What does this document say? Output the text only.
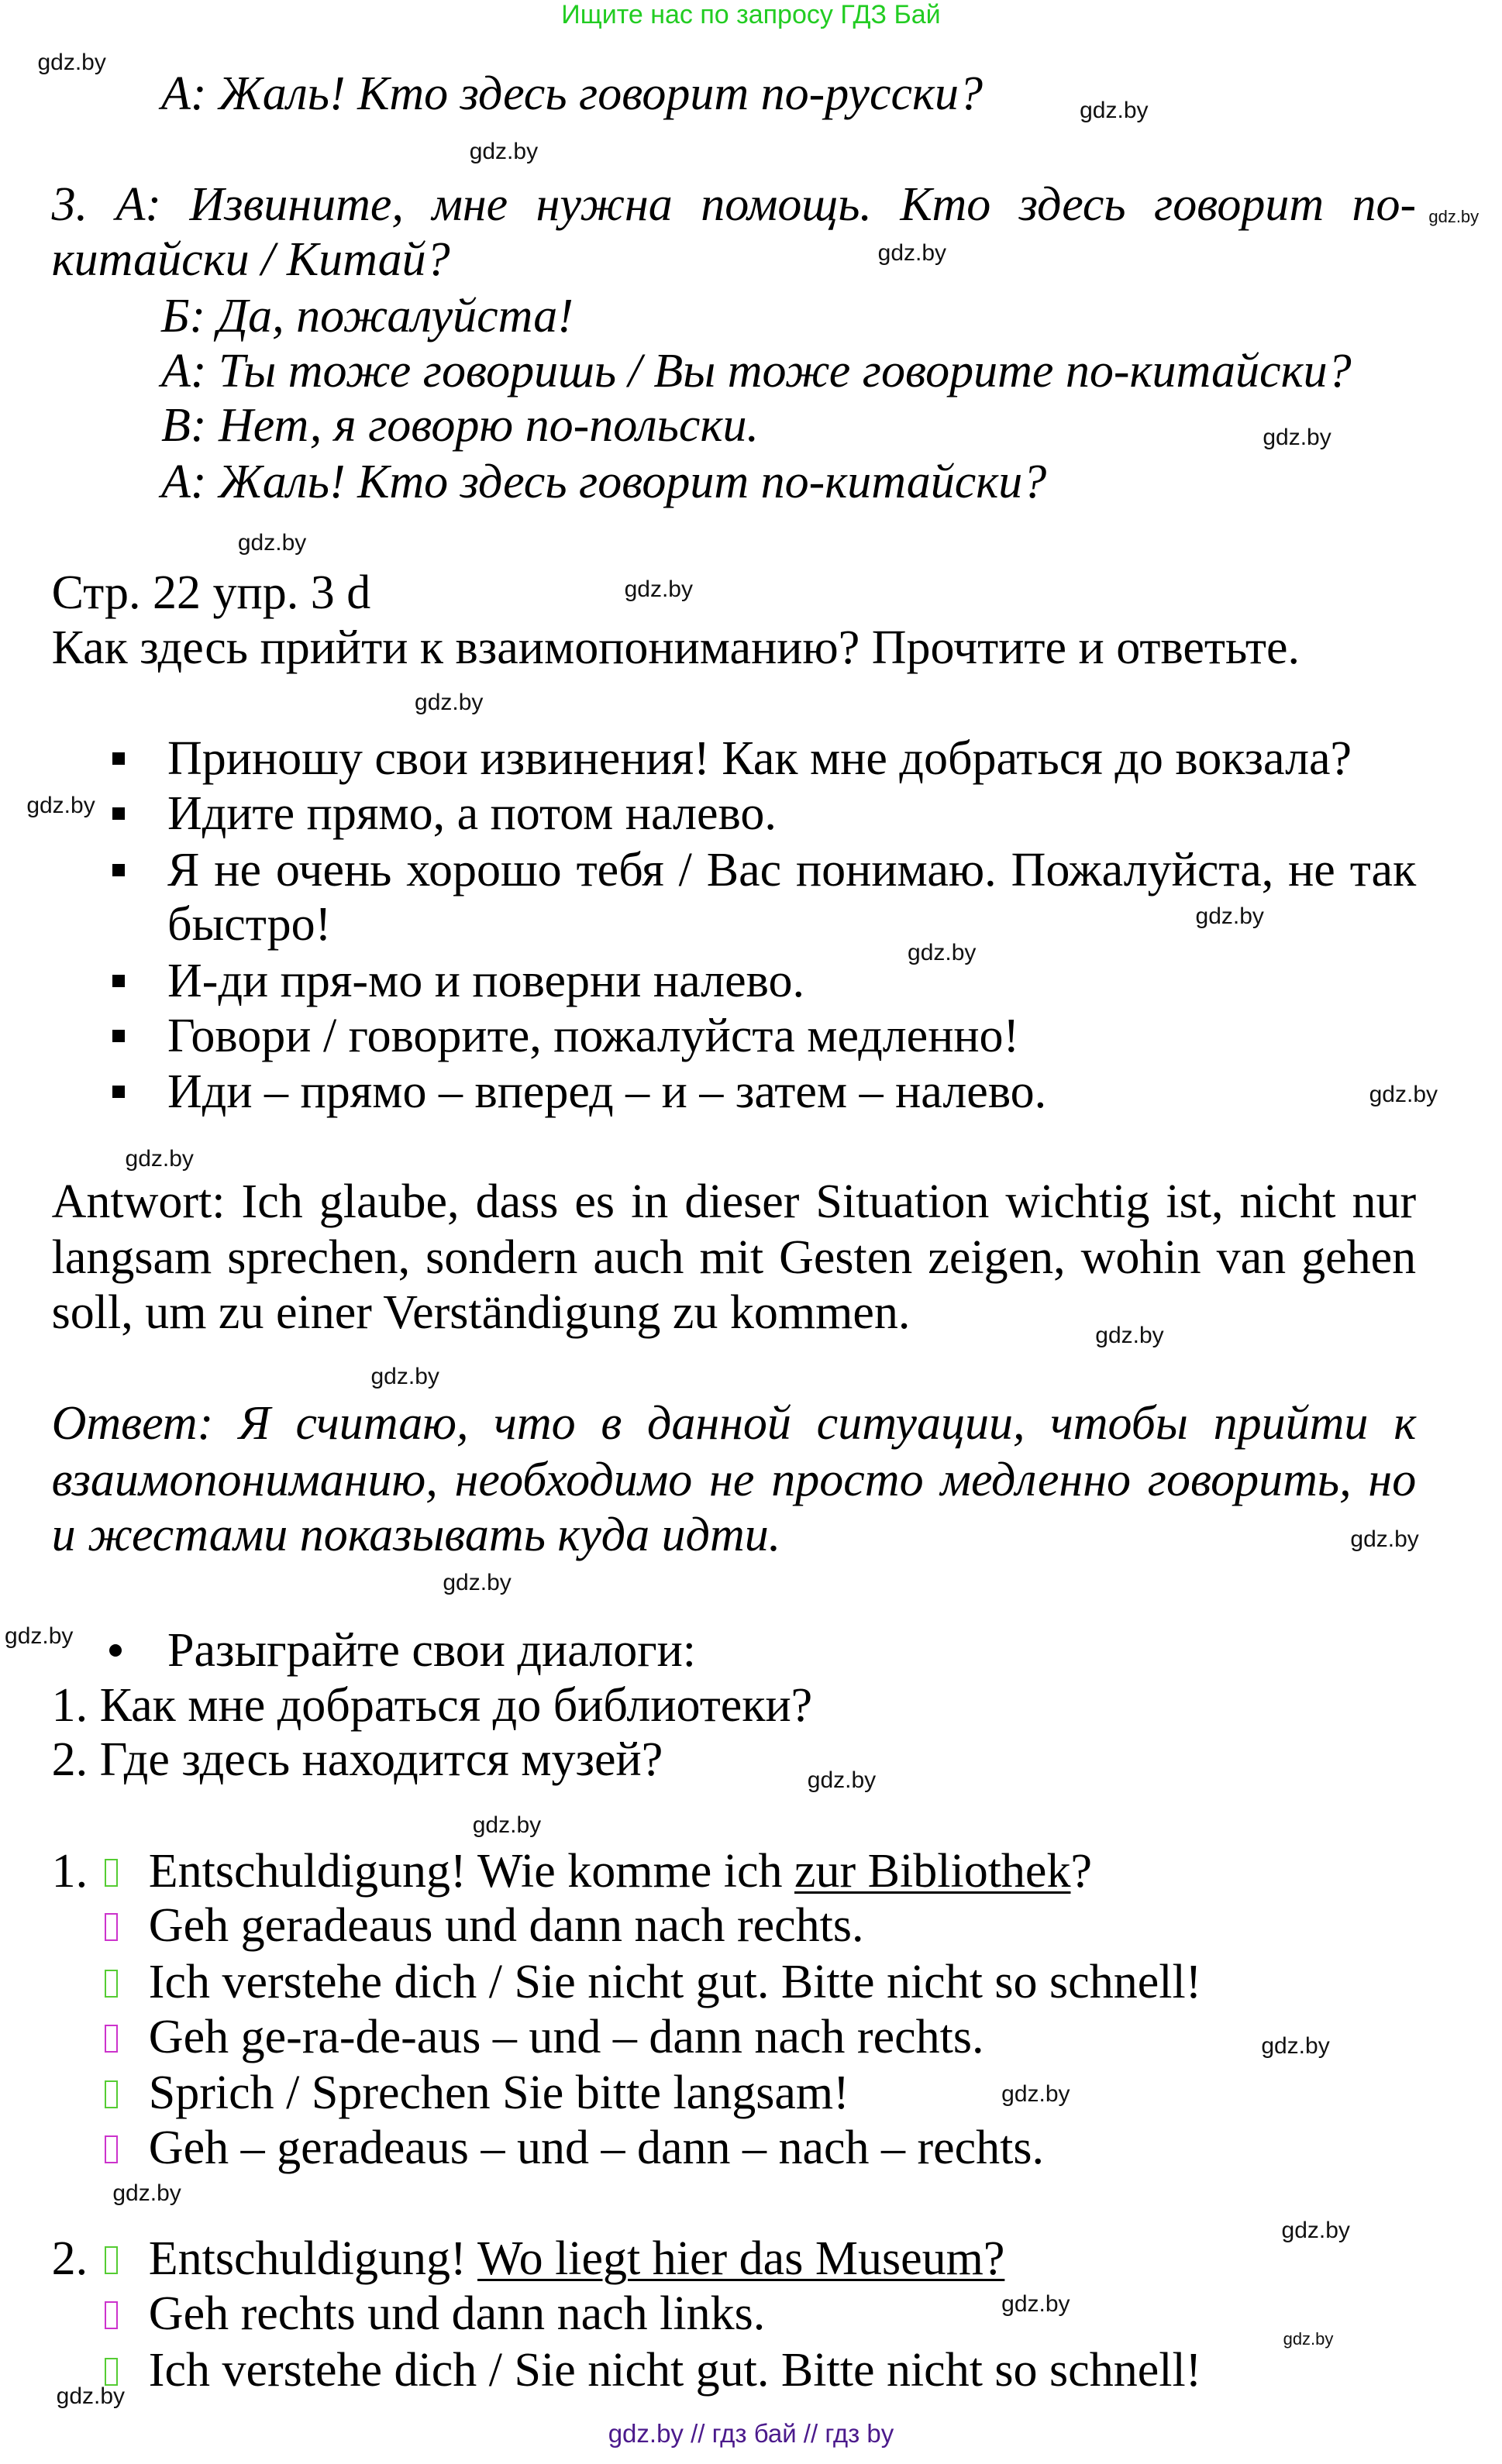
Ищите нас по запросу ГДЗ Бай
gdz.by // гдз бай // гдз by
А: Жаль! Кто здесь говорит по-русски?
3. А: Извините, мне нужна помощь. Кто здесь говорит по-
китайски / Китай?
Б: Да, пожалуйста!
А: Ты тоже говоришь / Вы тоже говорите по-китайски?
В: Нет, я говорю по-польски.
А: Жаль! Кто здесь говорит по-китайски?
Стр. 22 упр. 3 d
Как здесь прийти к взаимопониманию? Прочтите и ответьте.
Приношу свои извинения! Как мне добраться до вокзала?
Идите прямо, а потом налево.
Я не очень хорошо тебя / Вас понимаю. Пожалуйста, не так
быстро!
И-ди пря-мо и поверни налево.
Говори / говорите, пожалуйста медленно!
Иди – прямо – вперед – и – затем – налево.
Antwort: Ich glaube, dass es in dieser Situation wichtig ist, nicht nur
langsam sprechen, sondern auch mit Gesten zeigen, wohin van gehen
soll, um zu einer Verständigung zu kommen.
Ответ: Я считаю, что в данной ситуации, чтобы прийти к
взаимопониманию, необходимо не просто медленно говорить, но
и жестами показывать куда идти.
Разыграйте свои диалоги:
1. Как мне добраться до библиотеки?
2. Где здесь находится музей?
1. Entschuldigung! Wie komme ich zur Bibliothek?
Geh geradeaus und dann nach rechts.
Ich verstehe dich / Sie nicht gut. Bitte nicht so schnell!
Geh ge-ra-de-aus – und – dann nach rechts.
Sprich / Sprechen Sie bitte langsam!
Geh – geradeaus – und – dann – nach – rechts.
2. Entschuldigung! Wo liegt hier das Museum?
Geh rechts und dann nach links.
Ich verstehe dich / Sie nicht gut. Bitte nicht so schnell!
gdz.by
gdz.by
gdz.by
gdz.by
gdz.by
gdz.by
gdz.by
gdz.by
gdz.by
gdz.by
gdz.by
gdz.by
gdz.by
gdz.by
gdz.by
gdz.by
gdz.by
gdz.by
gdz.by
gdz.by
gdz.by
gdz.by
gdz.by
gdz.by
gdz.by
gdz.by
gdz.by
gdz.by
